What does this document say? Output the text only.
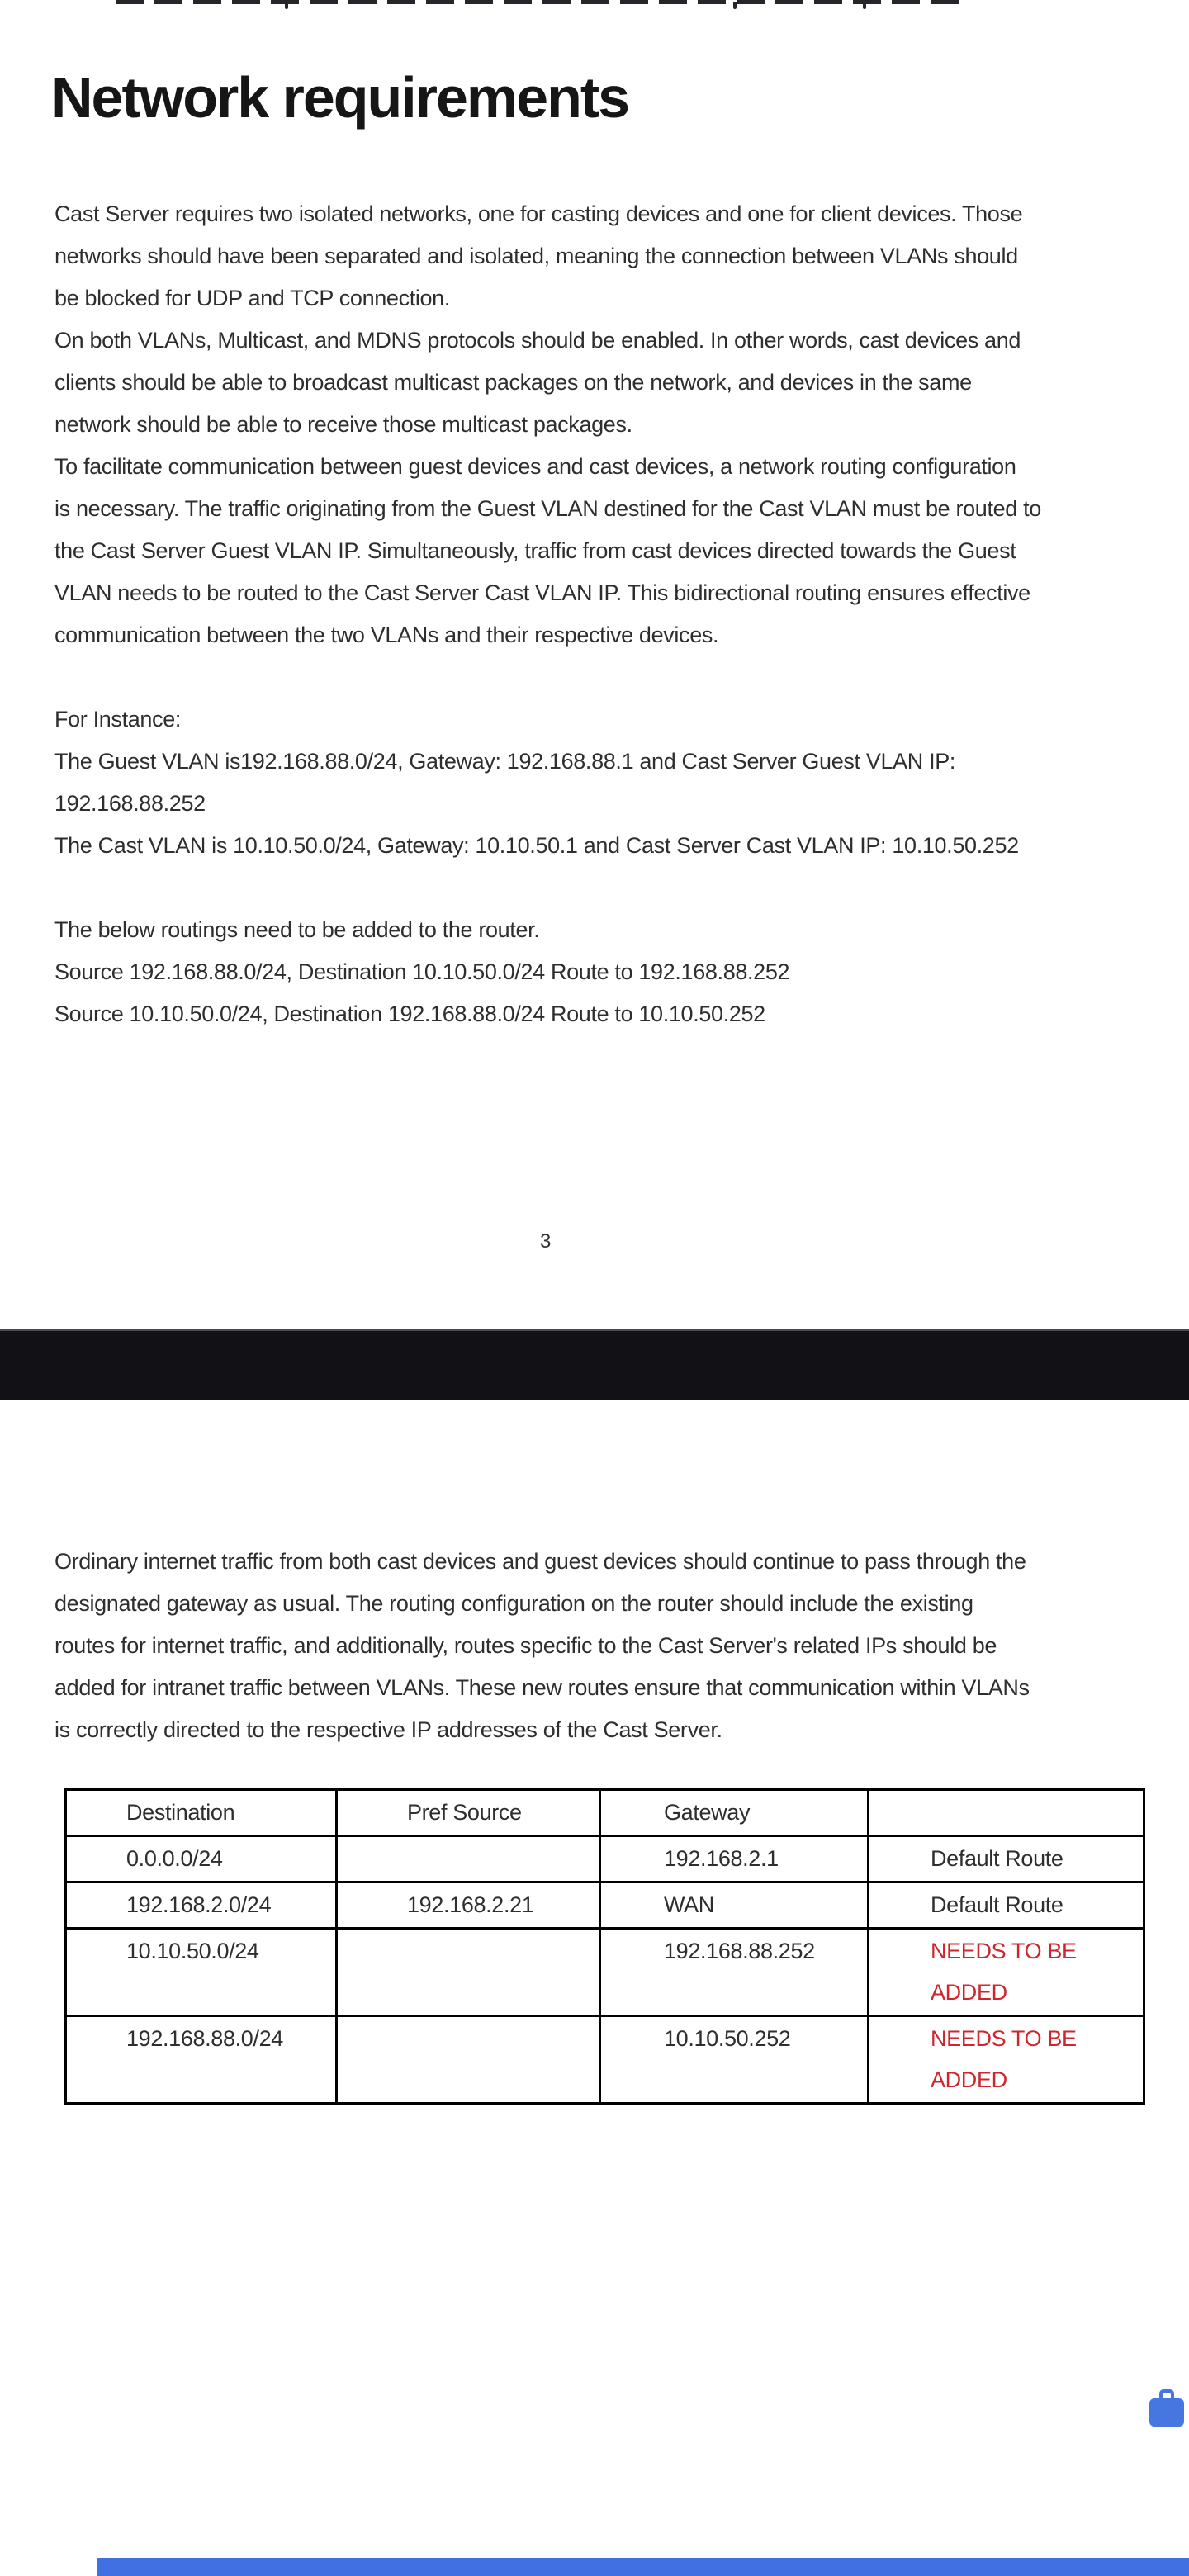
Network requirements
Cast Server requires two isolated networks, one for casting devices and one for client devices. Those
networks should have been separated and isolated, meaning the connection between VLANs should
be blocked for UDP and TCP connection.
On both VLANs, Multicast, and MDNS protocols should be enabled. In other words, cast devices and
clients should be able to broadcast multicast packages on the network, and devices in the same
network should be able to receive those multicast packages.
To facilitate communication between guest devices and cast devices, a network routing configuration
is necessary. The traffic originating from the Guest VLAN destined for the Cast VLAN must be routed to
the Cast Server Guest VLAN IP. Simultaneously, traffic from cast devices directed towards the Guest
VLAN needs to be routed to the Cast Server Cast VLAN IP. This bidirectional routing ensures effective
communication between the two VLANs and their respective devices.
For Instance:
The Guest VLAN is192.168.88.0/24, Gateway: 192.168.88.1 and Cast Server Guest VLAN IP:
192.168.88.252
The Cast VLAN is 10.10.50.0/24, Gateway: 10.10.50.1 and Cast Server Cast VLAN IP: 10.10.50.252
The below routings need to be added to the router.
Source 192.168.88.0/24, Destination 10.10.50.0/24 Route to 192.168.88.252
Source 10.10.50.0/24, Destination 192.168.88.0/24 Route to 10.10.50.252
3
Ordinary internet traffic from both cast devices and guest devices should continue to pass through the
designated gateway as usual. The routing configuration on the router should include the existing
routes for internet traffic, and additionally, routes specific to the Cast Server's related IPs should be
added for intranet traffic between VLANs. These new routes ensure that communication within VLANs
is correctly directed to the respective IP addresses of the Cast Server.
Destination	Pref Source	Gateway	
0.0.0.0/24		192.168.2.1	Default Route
192.168.2.0/24	192.168.2.21	WAN	Default Route
10.10.50.0/24		192.168.88.252	NEEDS TO BE ADDED
192.168.88.0/24		10.10.50.252	NEEDS TO BE ADDED
